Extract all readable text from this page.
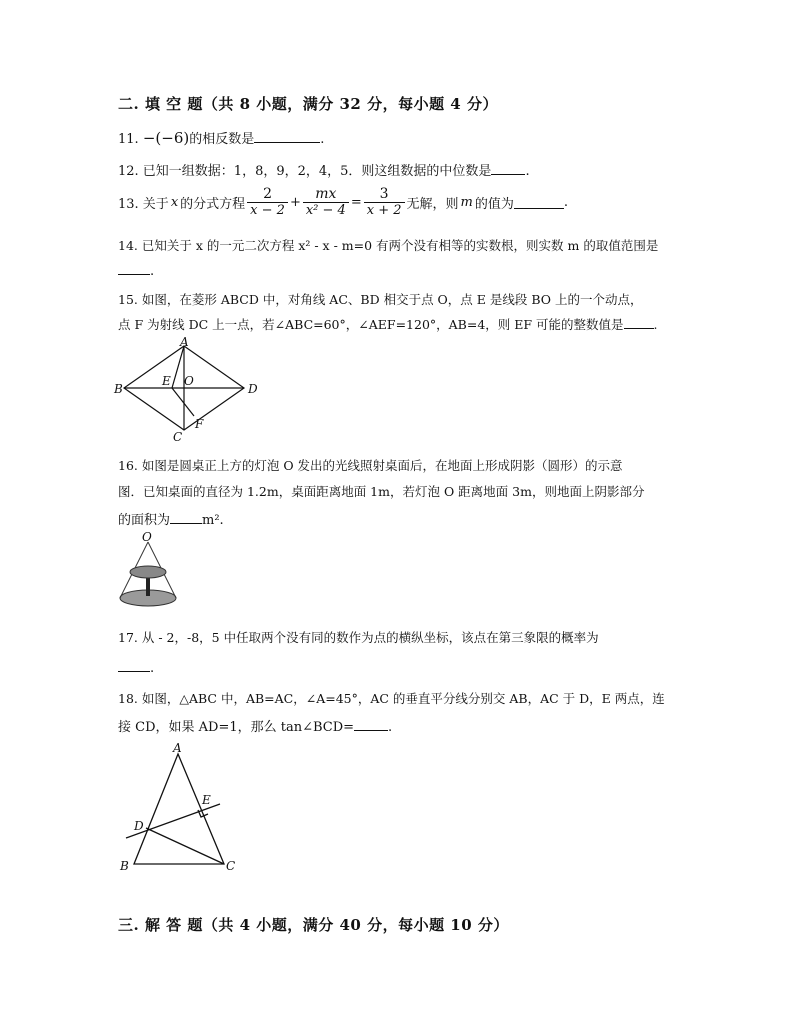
二. 填 空 题（共 8 小题，满分 32 分，每小题 4 分）
11. −(−6)的相反数是	.
12. 已知一组数据：1，8，9，2，4，5．则这组数据的中位数是	.
13. 关于 x 的分式方程 $\frac{2}{x - 2} + \frac{mx}{\text{x² − 4}} = \frac{3}{x + 2}$ 无解，则 m 的值为	.
14. 已知关于 x 的一元二次方程 x² - x - m=0 有两个没有相等的实数根，则实数 m 的取值范围是
.
15. 如图，在菱形 ABCD 中，对角线 AC、BD 相交于点 O，点 E 是线段 BO 上的一个动点，
点 F 为射线 DC 上一点，若∠ABC=60°，∠AEF=120°，AB=4，则 EF 可能的整数值是 .
A
B	D
E O
C
F
16. 如图是圆桌正上方的灯泡 O 发出的光线照射桌面后，在地面上形成阴影（圆形）的示意
图．已知桌面的直径为 1.2m，桌面距离地面 1m，若灯泡 O 距离地面 3m，则地面上阴影部分
的面积为 m².
O
17. 从 - 2，-8，5 中任取两个没有同的数作为点的横纵坐标，该点在第三象限的概率为
.
18. 如图，△ABC 中，AB=AC，∠A=45°，AC 的垂直平分线分别交 AB，AC 于 D，E 两点，连
接 CD，如果 AD=1，那么 tan∠BCD=	.
A
B	C
D
E
三. 解 答 题（共 4 小题，满分 40 分，每小题 10 分）
